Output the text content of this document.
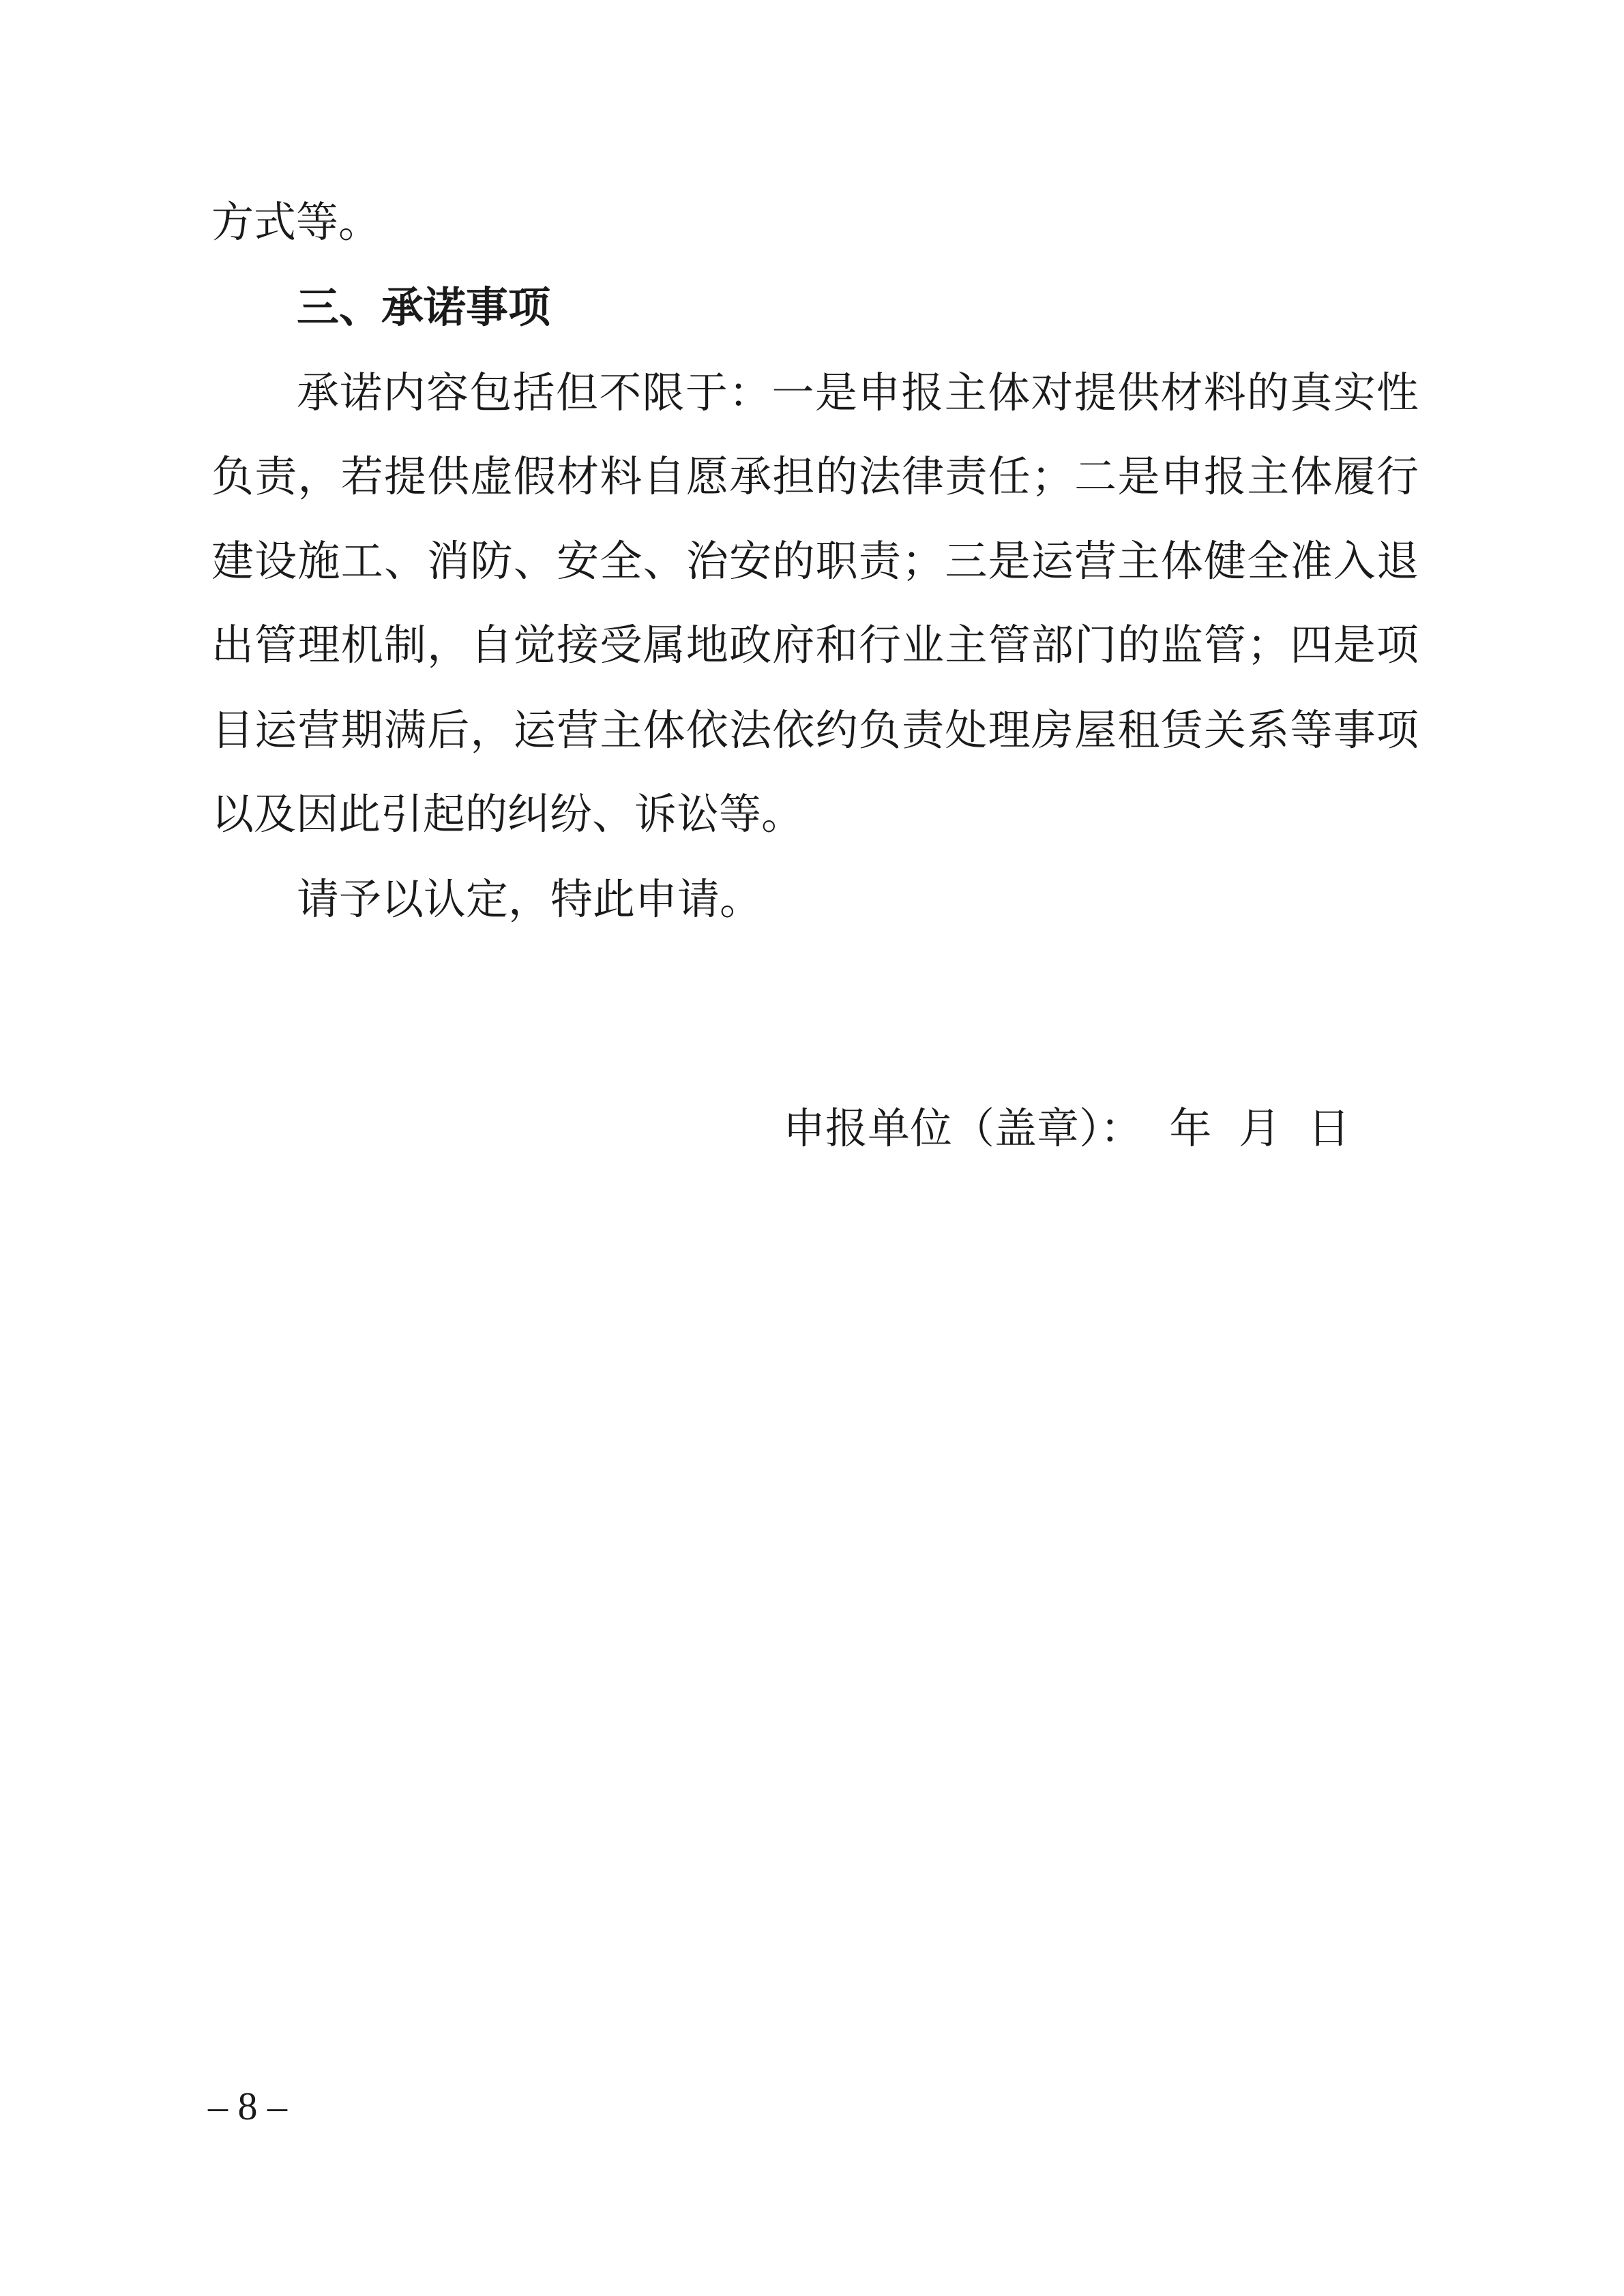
方式等。
三、承诺事项
承诺内容包括但不限于：一是申报主体对提供材料的真实性
负责，若提供虚假材料自愿承担的法律责任；二是申报主体履行
建设施工、消防、安全、治安的职责；三是运营主体健全准入退
出管理机制，自觉接受属地政府和行业主管部门的监管；四是项
目运营期满后，运营主体依法依约负责处理房屋租赁关系等事项
以及因此引起的纠纷、诉讼等。
请予以认定，特此申请。
申报单位（盖章）：  年  月  日
– 8 –
